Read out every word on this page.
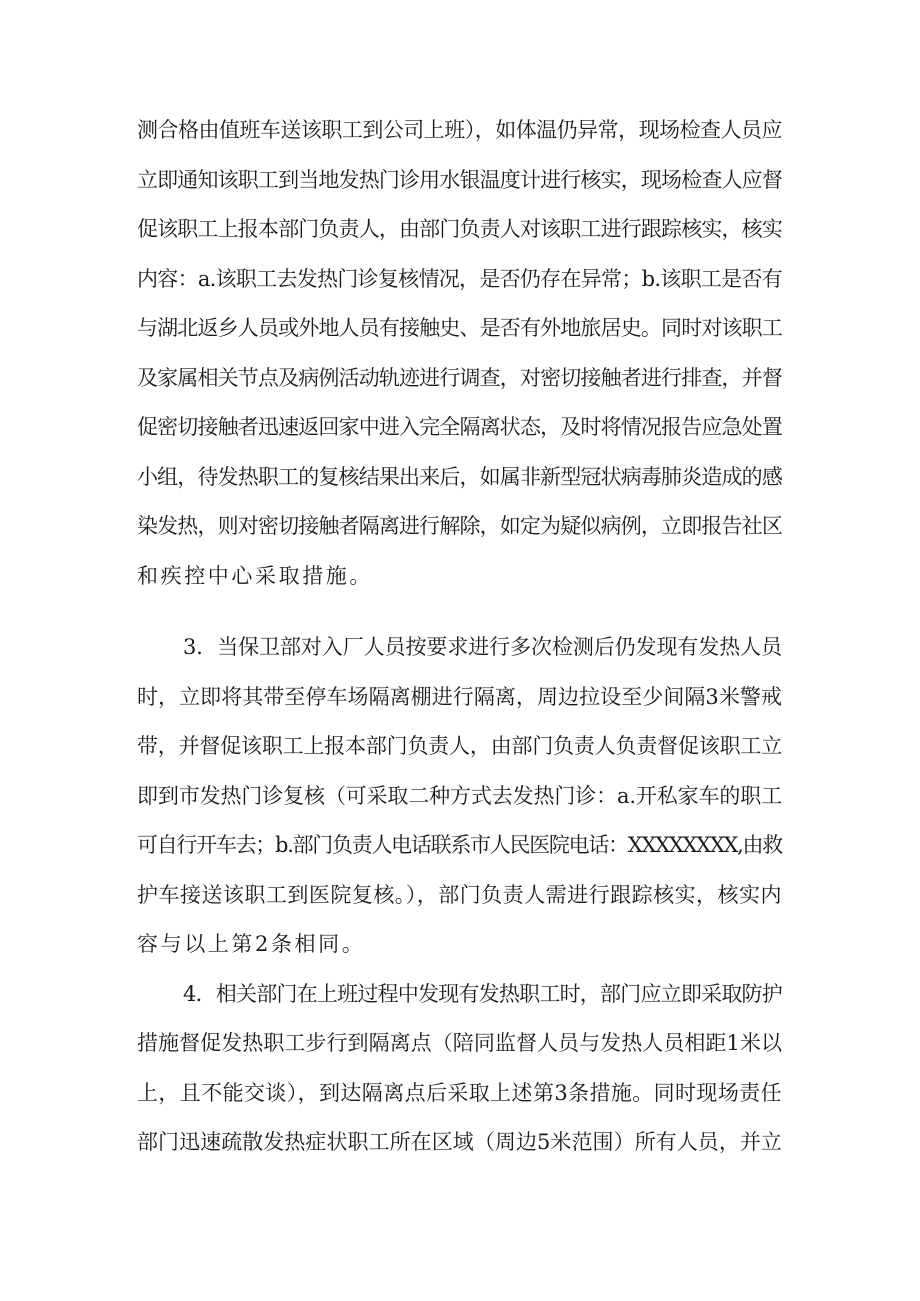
测合格由值班车送该职工到公司上班），如体温仍异常，现场检查人员应
立即通知该职工到当地发热门诊用水银温度计进行核实，现场检查人应督
促该职工上报本部门负责人，由部门负责人对该职工进行跟踪核实，核实
内容：a.该职工去发热门诊复核情况，是否仍存在异常；b.该职工是否有
与湖北返乡人员或外地人员有接触史、是否有外地旅居史。同时对该职工
及家属相关节点及病例活动轨迹进行调查，对密切接触者进行排查，并督
促密切接触者迅速返回家中进入完全隔离状态，及时将情况报告应急处置
小组，待发热职工的复核结果出来后，如属非新型冠状病毒肺炎造成的感
染发热，则对密切接触者隔离进行解除，如定为疑似病例，立即报告社区
和疾控中心采取措施。
3．当保卫部对入厂人员按要求进行多次检测后仍发现有发热人员
时，立即将其带至停车场隔离棚进行隔离，周边拉设至少间隔3米警戒
带，并督促该职工上报本部门负责人，由部门负责人负责督促该职工立
即到市发热门诊复核（可采取二种方式去发热门诊：a.开私家车的职工
可自行开车去；b.部门负责人电话联系市人民医院电话：XXXXXXXX,由救
护车接送该职工到医院复核。），部门负责人需进行跟踪核实，核实内
容与以上第2条相同。
4．相关部门在上班过程中发现有发热职工时，部门应立即采取防护
措施督促发热职工步行到隔离点（陪同监督人员与发热人员相距1米以
上，且不能交谈），到达隔离点后采取上述第3条措施。同时现场责任
部门迅速疏散发热症状职工所在区域（周边5米范围）所有人员，并立
